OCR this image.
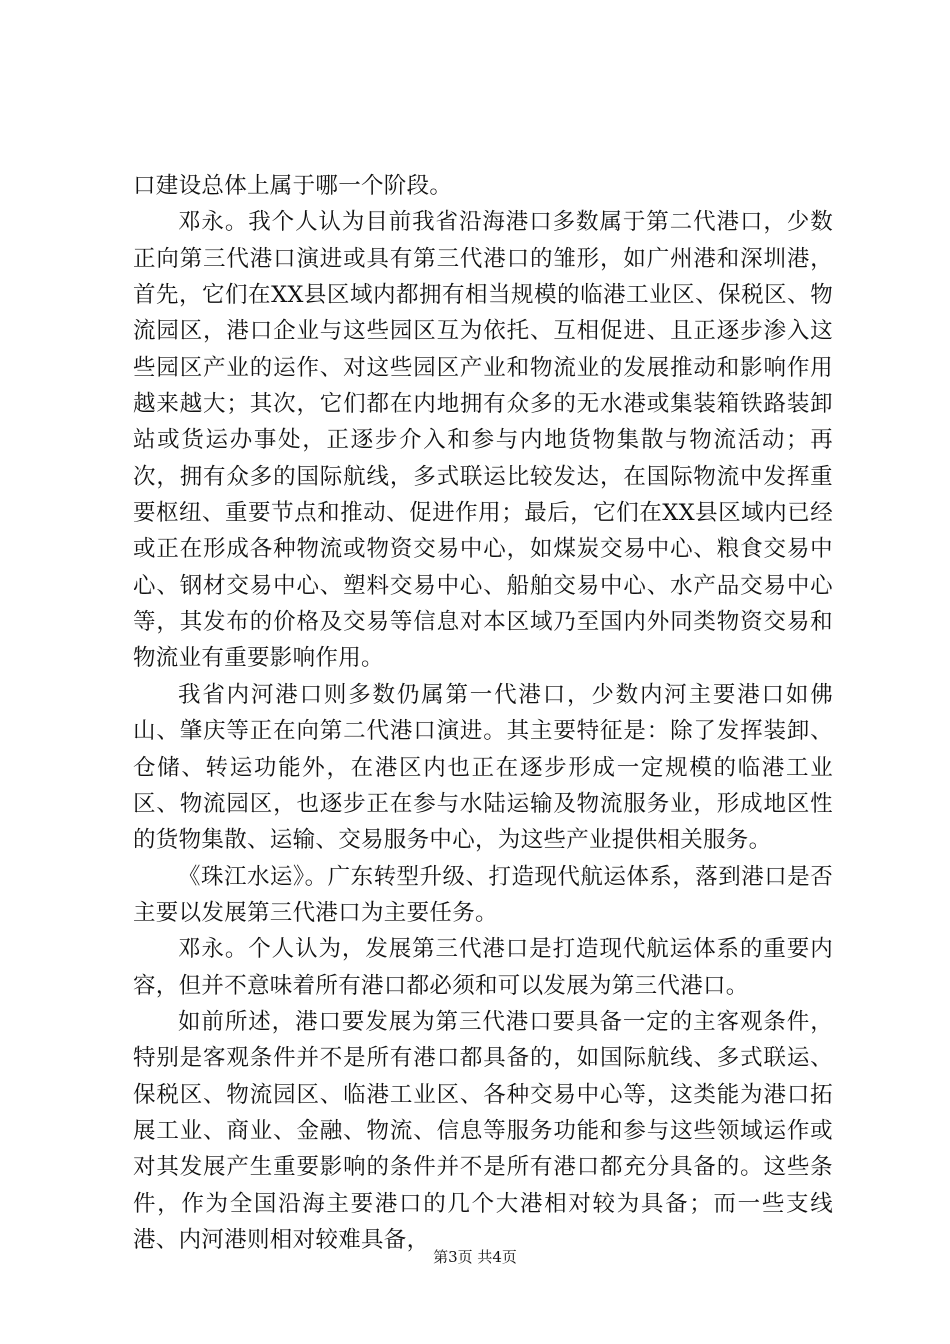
口建设总体上属于哪一个阶段。

邓永。我个人认为目前我省沿海港口多数属于第二代港口，少数正向第三代港口演进或具有第三代港口的雏形，如广州港和深圳港，首先，它们在XX县区域内都拥有相当规模的临港工业区、保税区、物流园区，港口企业与这些园区互为依托、互相促进、且正逐步渗入这些园区产业的运作、对这些园区产业和物流业的发展推动和影响作用越来越大；其次，它们都在内地拥有众多的无水港或集装箱铁路装卸站或货运办事处，正逐步介入和参与内地货物集散与物流活动；再次，拥有众多的国际航线，多式联运比较发达，在国际物流中发挥重要枢纽、重要节点和推动、促进作用；最后，它们在XX县区域内已经或正在形成各种物流或物资交易中心，如煤炭交易中心、粮食交易中心、钢材交易中心、塑料交易中心、船舶交易中心、水产品交易中心等，其发布的价格及交易等信息对本区域乃至国内外同类物资交易和物流业有重要影响作用。

我省内河港口则多数仍属第一代港口，少数内河主要港口如佛山、肇庆等正在向第二代港口演进。其主要特征是：除了发挥装卸、仓储、转运功能外，在港区内也正在逐步形成一定规模的临港工业区、物流园区，也逐步正在参与水陆运输及物流服务业，形成地区性的货物集散、运输、交易服务中心，为这些产业提供相关服务。

《珠江水运》。广东转型升级、打造现代航运体系，落到港口是否主要以发展第三代港口为主要任务。

邓永。个人认为，发展第三代港口是打造现代航运体系的重要内容，但并不意味着所有港口都必须和可以发展为第三代港口。

如前所述，港口要发展为第三代港口要具备一定的主客观条件，特别是客观条件并不是所有港口都具备的，如国际航线、多式联运、保税区、物流园区、临港工业区、各种交易中心等，这类能为港口拓展工业、商业、金融、物流、信息等服务功能和参与这些领域运作或对其发展产生重要影响的条件并不是所有港口都充分具备的。这些条件，作为全国沿海主要港口的几个大港相对较为具备；而一些支线港、内河港则相对较难具备，

第3页 共4页
